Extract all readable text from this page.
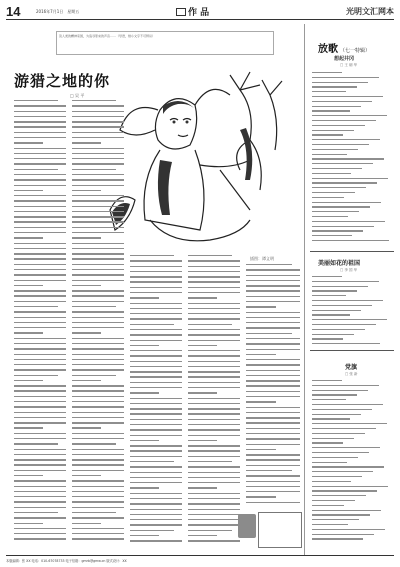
14	2016年7月1日　星期五	作 品	光明文汇网本
读人类的精神家园，为追寻原来的声音……（导语，细小文字不可辨识）
游猎之地的你
□ 吴 平
插图：谭义明
放歌 （七一特辑）
想起井冈
□ 王 朝 华
美丽如花的祖国
□ 李 国 华
党旗
□ 张 新
本版编辑：张 XX 电话：010-67078733 电子信箱：gmrb@gmw.cn 版式设计：XX
